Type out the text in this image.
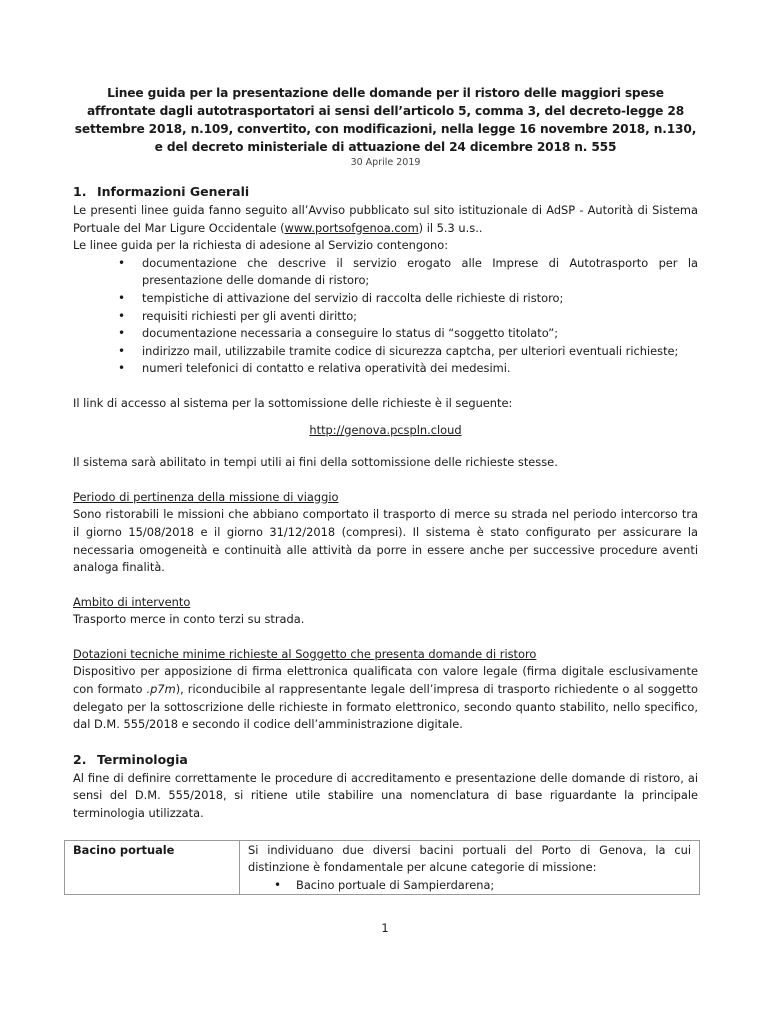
Linee guida per la presentazione delle domande per il ristoro delle maggiori spese affrontate dagli autotrasportatori ai sensi dell’articolo 5, comma 3, del decreto-legge 28 settembre 2018, n.109, convertito, con modificazioni, nella legge 16 novembre 2018, n.130, e del decreto ministeriale di attuazione del 24 dicembre 2018 n. 555

30 Aprile 2019

1. Informazioni Generali

Le presenti linee guida fanno seguito all’Avviso pubblicato sul sito istituzionale di AdSP - Autorità di Sistema Portuale del Mar Ligure Occidentale (www.portsofgenoa.com) il 5.3 u.s..

Le linee guida per la richiesta di adesione al Servizio contengono:

• documentazione che descrive il servizio erogato alle Imprese di Autotrasporto per la presentazione delle domande di ristoro;
• tempistiche di attivazione del servizio di raccolta delle richieste di ristoro;
• requisiti richiesti per gli aventi diritto;
• documentazione necessaria a conseguire lo status di “soggetto titolato”;
• indirizzo mail, utilizzabile tramite codice di sicurezza captcha, per ulteriori eventuali richieste;
• numeri telefonici di contatto e relativa operatività dei medesimi.

Il link di accesso al sistema per la sottomissione delle richieste è il seguente:

http://genova.pcspln.cloud

Il sistema sarà abilitato in tempi utili ai fini della sottomissione delle richieste stesse.

Periodo di pertinenza della missione di viaggio

Sono ristorabili le missioni che abbiano comportato il trasporto di merce su strada nel periodo intercorso tra il giorno 15/08/2018 e il giorno 31/12/2018 (compresi). Il sistema è stato configurato per assicurare la necessaria omogeneità e continuità alle attività da porre in essere anche per successive procedure aventi analoga finalità.

Ambito di intervento

Trasporto merce in conto terzi su strada.

Dotazioni tecniche minime richieste al Soggetto che presenta domande di ristoro

Dispositivo per apposizione di firma elettronica qualificata con valore legale (firma digitale esclusivamente con formato .p7m), riconducibile al rappresentante legale dell’impresa di trasporto richiedente o al soggetto delegato per la sottoscrizione delle richieste in formato elettronico, secondo quanto stabilito, nello specifico, dal D.M. 555/2018 e secondo il codice dell’amministrazione digitale.

2. Terminologia

Al fine di definire correttamente le procedure di accreditamento e presentazione delle domande di ristoro, ai sensi del D.M. 555/2018, si ritiene utile stabilire una nomenclatura di base riguardante la principale terminologia utilizzata.

Bacino portuale	Si individuano due diversi bacini portuali del Porto di Genova, la cui distinzione è fondamentale per alcune categorie di missione:
• Bacino portuale di Sampierdarena;
1
